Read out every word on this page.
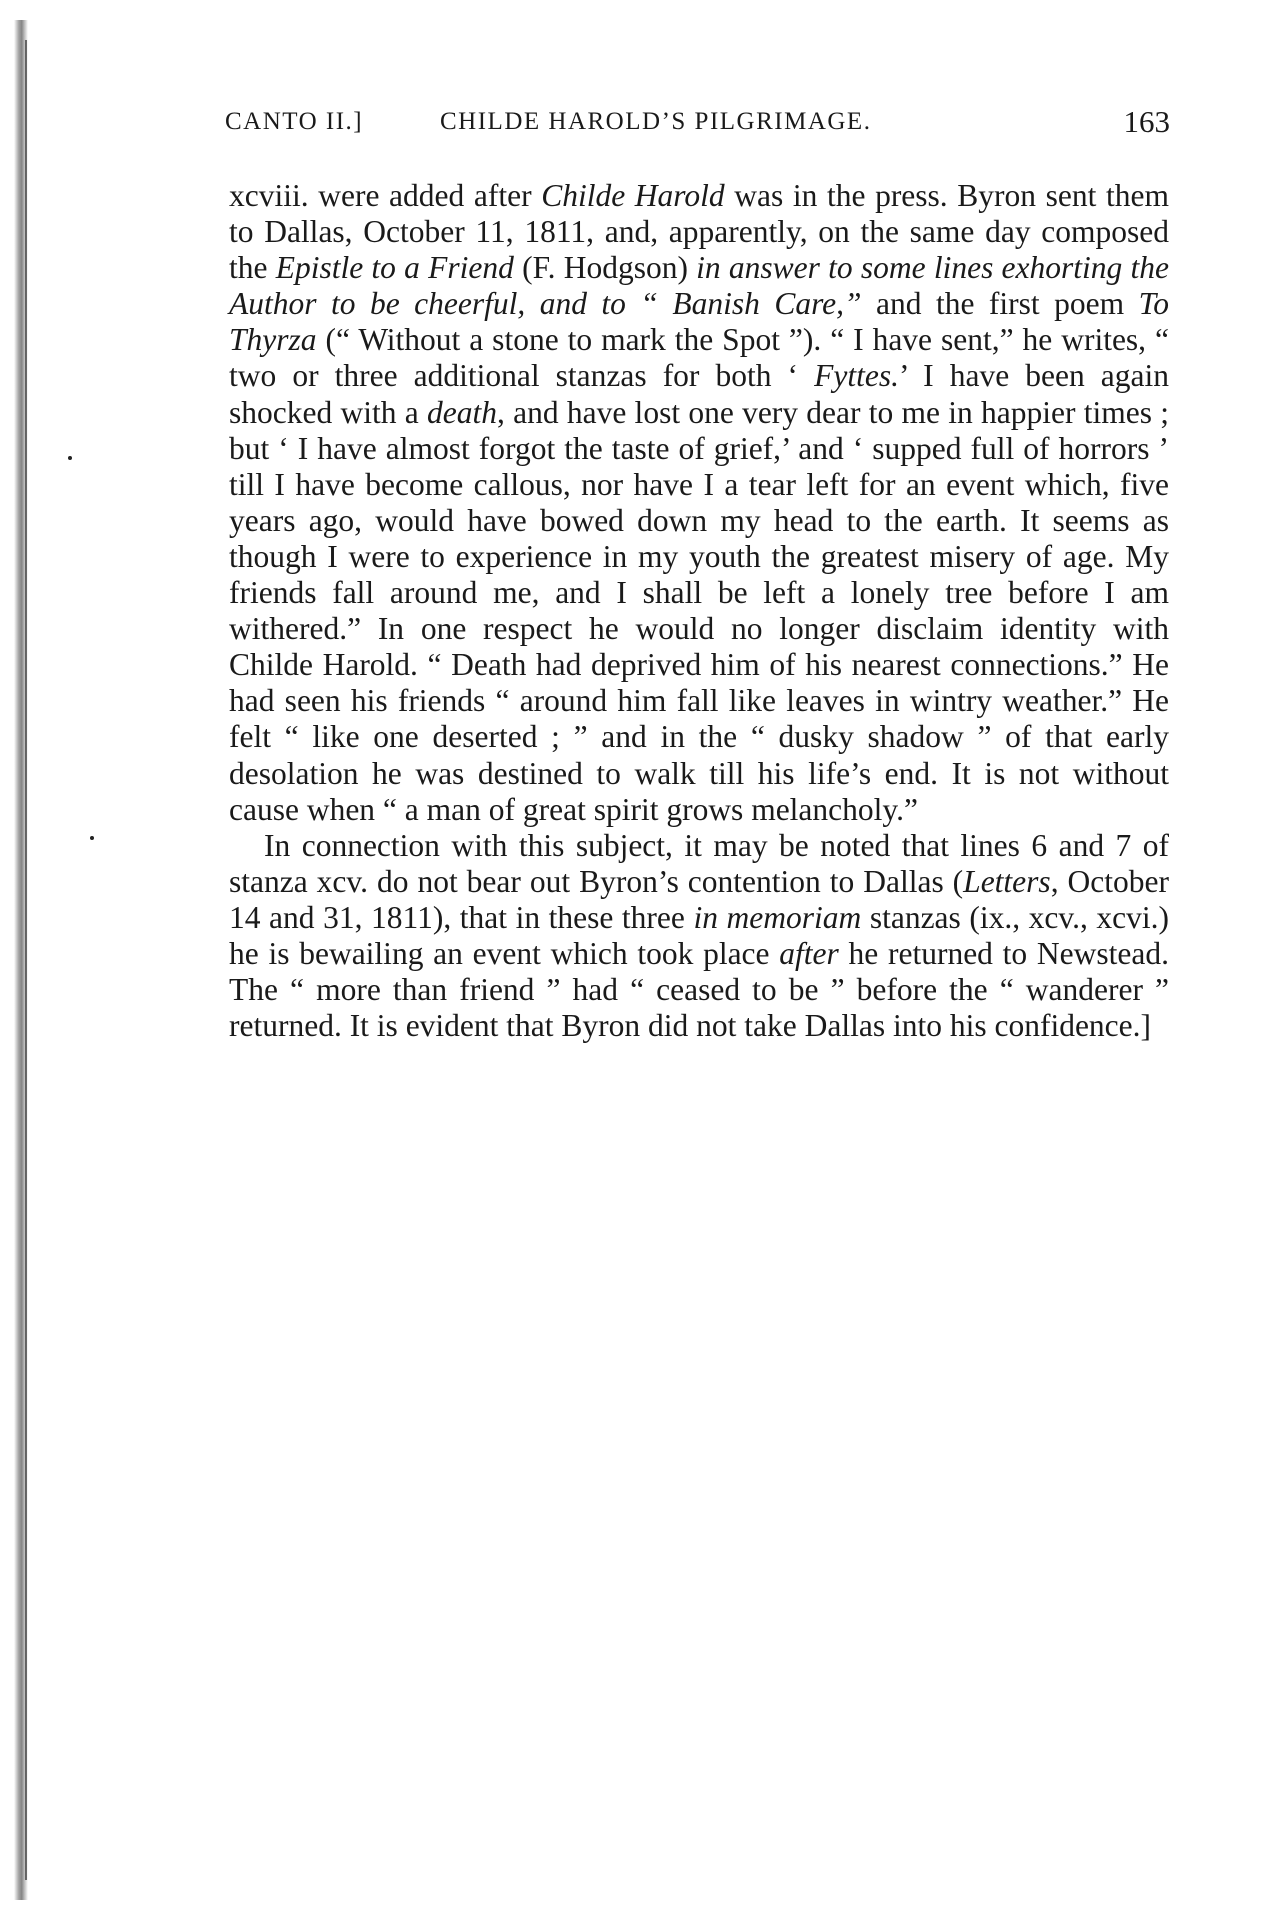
CANTO II.]	CHILDE HAROLD’S PILGRIMAGE.	163

xcviii. were added after Childe Harold was in the press. Byron sent them to Dallas, October 11, 1811, and, apparently, on the same day composed the Epistle to a Friend (F. Hodgson) in answer to some lines exhorting the Author to be cheerful, and to “ Banish Care,” and the first poem To Thyrza (“ Without a stone to mark the Spot ”). “ I have sent,” he writes, “ two or three additional stanzas for both ‘ Fyttes.’ I have been again shocked with a death, and have lost one very dear to me in happier times ; but ‘ I have almost forgot the taste of grief,’ and ‘ supped full of horrors ’ till I have become callous, nor have I a tear left for an event which, five years ago, would have bowed down my head to the earth. It seems as though I were to experience in my youth the greatest misery of age. My friends fall around me, and I shall be left a lonely tree before I am withered.” In one respect he would no longer disclaim identity with Childe Harold. “ Death had deprived him of his nearest connections.” He had seen his friends “ around him fall like leaves in wintry weather.” He felt “ like one deserted ; ” and in the “ dusky shadow ” of that early desolation he was destined to walk till his life’s end. It is not without cause when “ a man of great spirit grows melancholy.”

In connection with this subject, it may be noted that lines 6 and 7 of stanza xcv. do not bear out Byron’s contention to Dallas (Letters, October 14 and 31, 1811), that in these three in memoriam stanzas (ix., xcv., xcvi.) he is bewailing an event which took place after he returned to Newstead. The “ more than friend ” had “ ceased to be ” before the “ wanderer ” returned. It is evident that Byron did not take Dallas into his confidence.]
